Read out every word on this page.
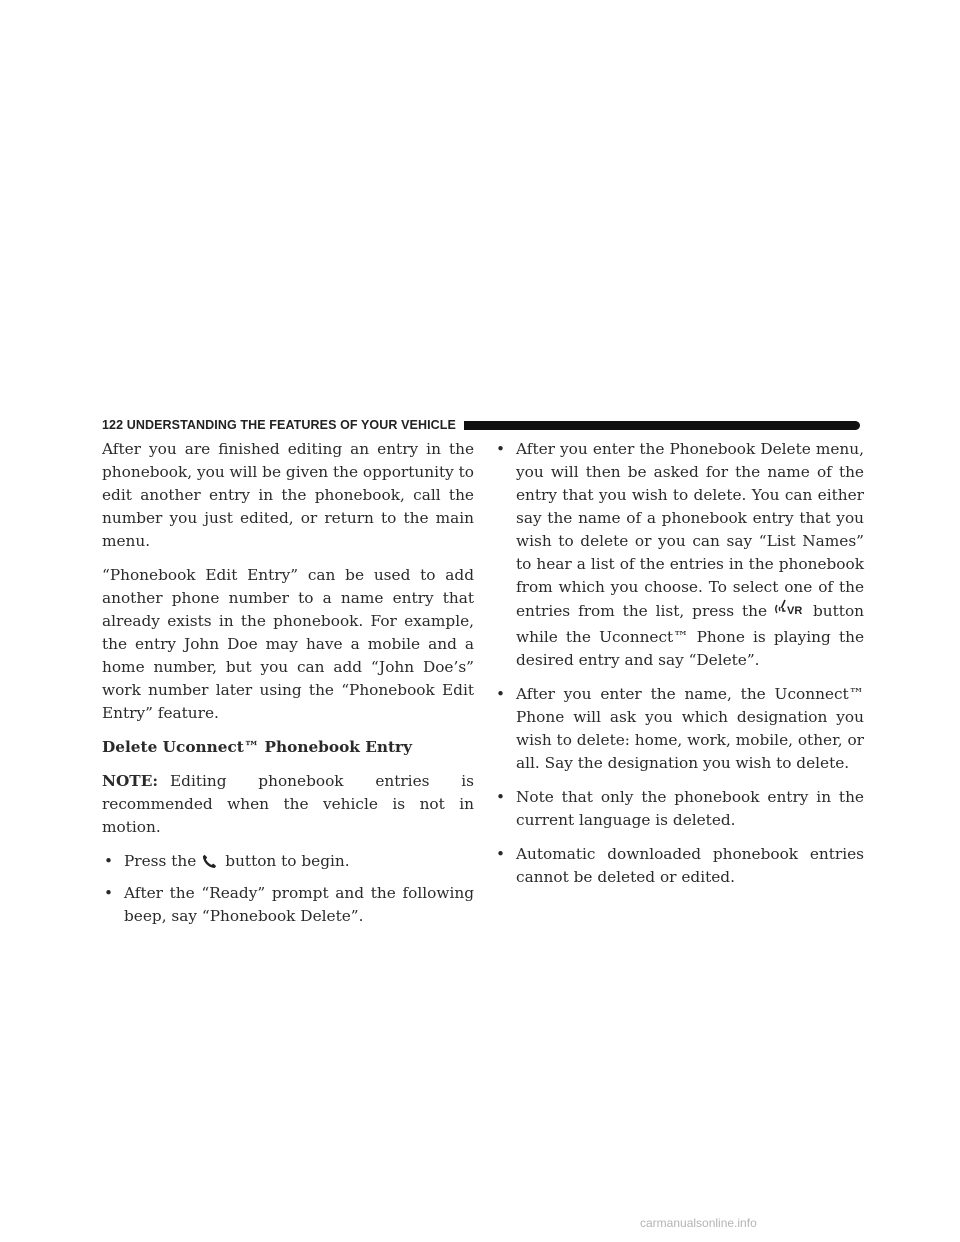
122 UNDERSTANDING THE FEATURES OF YOUR VEHICLE

After you are finished editing an entry in the phonebook, you will be given the opportunity to edit another entry in the phonebook, call the number you just edited, or return to the main menu.

“Phonebook Edit Entry” can be used to add another phone number to a name entry that already exists in the phonebook. For example, the entry John Doe may have a mobile and a home number, but you can add “John Doe’s” work number later using the “Phonebook Edit Entry” feature.

Delete Uconnect™ Phonebook Entry

NOTE: Editing phonebook entries is recommended when the vehicle is not in motion.

• Press the button to begin.
• After the “Ready” prompt and the following beep, say “Phonebook Delete”.
• After you enter the Phonebook Delete menu, you will then be asked for the name of the entry that you wish to delete. You can either say the name of a phonebook entry that you wish to delete or you can say “List Names” to hear a list of the entries in the phonebook from which you choose. To select one of the entries from the list, press the VR button while the Uconnect™ Phone is playing the desired entry and say “Delete”.
• After you enter the name, the Uconnect™ Phone will ask you which designation you wish to delete: home, work, mobile, other, or all. Say the designation you wish to delete.
• Note that only the phonebook entry in the current language is deleted.
• Automatic downloaded phonebook entries cannot be deleted or edited.
carmanualsonline.info
